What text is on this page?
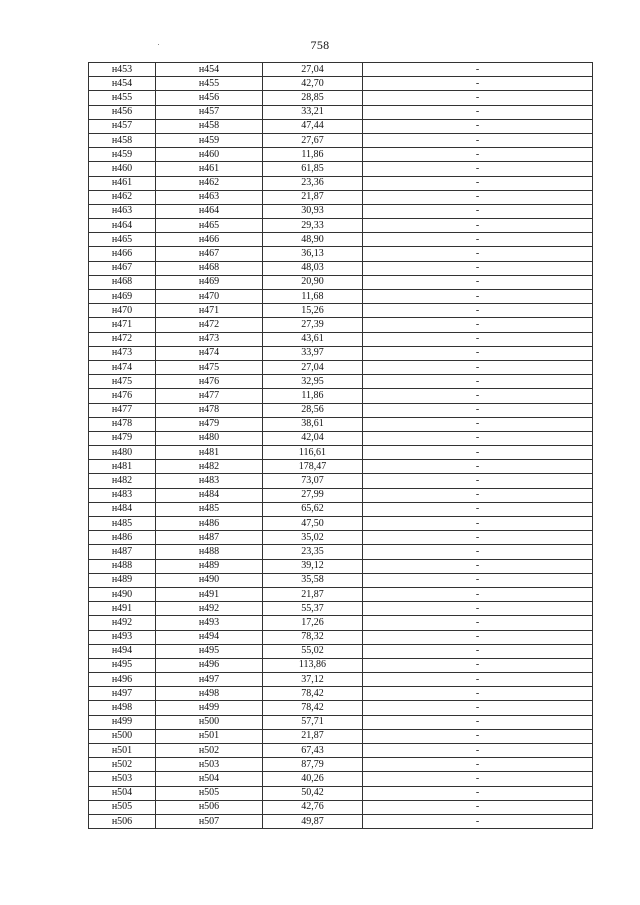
758
н453	н454	27,04	-
н454	н455	42,70	-
н455	н456	28,85	-
н456	н457	33,21	-
н457	н458	47,44	-
н458	н459	27,67	-
н459	н460	11,86	-
н460	н461	61,85	-
н461	н462	23,36	-
н462	н463	21,87	-
н463	н464	30,93	-
н464	н465	29,33	-
н465	н466	48,90	-
н466	н467	36,13	-
н467	н468	48,03	-
н468	н469	20,90	-
н469	н470	11,68	-
н470	н471	15,26	-
н471	н472	27,39	-
н472	н473	43,61	-
н473	н474	33,97	-
н474	н475	27,04	-
н475	н476	32,95	-
н476	н477	11,86	-
н477	н478	28,56	-
н478	н479	38,61	-
н479	н480	42,04	-
н480	н481	116,61	-
н481	н482	178,47	-
н482	н483	73,07	-
н483	н484	27,99	-
н484	н485	65,62	-
н485	н486	47,50	-
н486	н487	35,02	-
н487	н488	23,35	-
н488	н489	39,12	-
н489	н490	35,58	-
н490	н491	21,87	-
н491	н492	55,37	-
н492	н493	17,26	-
н493	н494	78,32	-
н494	н495	55,02	-
н495	н496	113,86	-
н496	н497	37,12	-
н497	н498	78,42	-
н498	н499	78,42	-
н499	н500	57,71	-
н500	н501	21,87	-
н501	н502	67,43	-
н502	н503	87,79	-
н503	н504	40,26	-
н504	н505	50,42	-
н505	н506	42,76	-
н506	н507	49,87	-
